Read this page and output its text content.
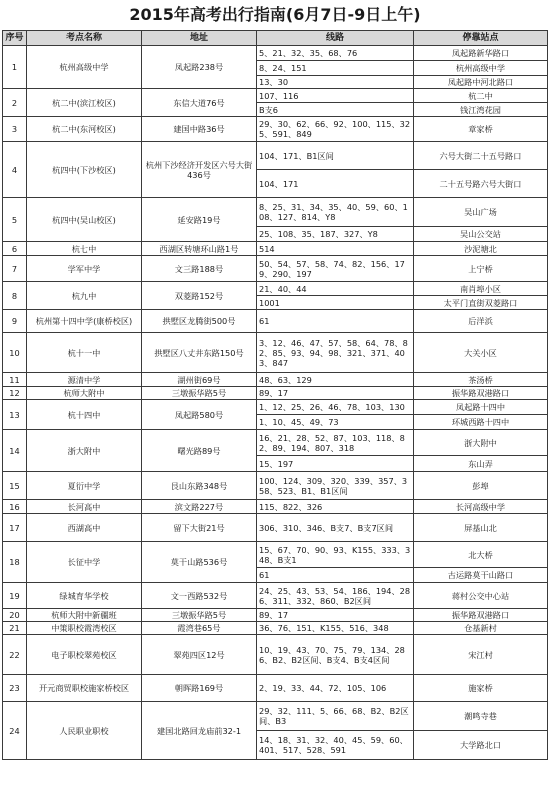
2015年高考出行指南(6月7日-9日上午)
序号	考点名称	地址	线路	停靠站点
1	杭州高级中学	凤起路238号	5、21、32、35、68、76	凤起路新华路口
			8、24、151	杭州高级中学
			13、30	凤起路中河北路口
2	杭二中(滨江校区)	东信大道76号	107、116	杭二中
			B支6	钱江湾花园
3	杭二中(东河校区)	建国中路36号	29、30、62、66、92、100、115、325、591、849	章家桥
4	杭四中(下沙校区)	杭州下沙经济开发区六号大街436号	104、171、B1区间	六号大街二十五号路口
			104、171	二十五号路六号大街口
5	杭四中(吴山校区)	延安路19号	8、25、31、34、35、40、59、60、108、127、814、Y8	吴山广场
			25、108、35、187、327、Y8	吴山公交站
6	杭七中	西湖区转塘环山路1号	514	沙泥塘北
7	学军中学	文三路188号	50、54、57、58、74、82、156、179、290、197	上宁桥
8	杭九中	双菱路152号	21、40、44	南肖埠小区
			1001	太平门直街双菱路口
9	杭州第十四中学(康桥校区)	拱墅区龙腾街500号	61	后洋浜
10	杭十一中	拱墅区八丈井东路150号	3、12、46、47、57、58、64、78、82、85、93、94、98、321、371、403、847	大关小区
11	源清中学	湖州街69号	48、63、129	茶汤桥
12	杭师大附中	三墩振华路5号	89、17	振华路双港路口
13	杭十四中	凤起路580号	1、12、25、26、46、78、103、130	凤起路十四中
			1、10、45、49、73	环城西路十四中
14	浙大附中	曙光路89号	16、21、28、52、87、103、118、82、89、194、807、318	浙大附中
			15、197	东山弄
15	夏衍中学	艮山东路348号	100、124、309、320、339、357、358、523、B1、B1区间	彭埠
16	长河高中	滨文路227号	115、822、326	长河高级中学
17	西湖高中	留下大街21号	306、310、346、B支7、B支7区间	屏基山北
18	长征中学	莫干山路536号	15、67、70、90、93、K155、333、348、B支1	北大桥
			61	古运路莫干山路口
19	绿城育华学校	文一西路532号	24、25、43、53、54、186、194、286、311、332、860、B2区间	蒋村公交中心站
20	杭师大附中新疆班	三墩振华路5号	89、17	振华路双港路口
21	中策职校霞湾校区	霞湾巷65号	36、76、151、K155、516、348	仓基新村
22	电子职校翠苑校区	翠苑四区12号	10、19、43、70、75、79、134、286、B2、B2区间、B支4、B支4区间	宋江村
23	开元商贸职校施家桥校区	朝晖路169号	2、19、33、44、72、105、106	施家桥
24	人民职业职校	建国北路回龙庙前32-1	29、32、111、5、66、68、B2、B2区间、B3	潮鸣寺巷
			14、18、31、32、40、45、59、60、401、517、528、591	大学路北口
